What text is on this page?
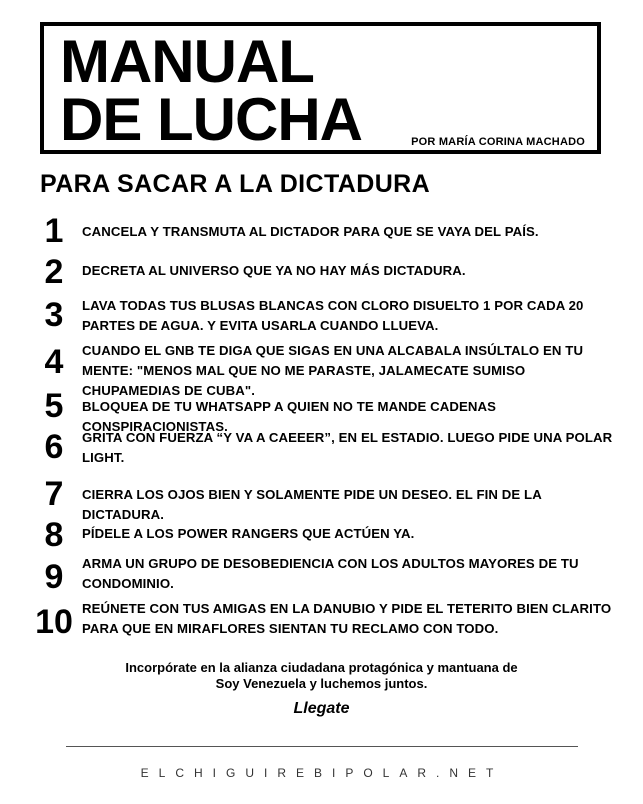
MANUAL
DE LUCHA	POR MARÍA CORINA MACHADO
PARA SACAR A LA DICTADURA
1	CANCELA Y TRANSMUTA AL DICTADOR PARA QUE SE VAYA DEL PAÍS.
2	DECRETA AL UNIVERSO QUE YA NO HAY MÁS DICTADURA.
3	LAVA TODAS TUS BLUSAS BLANCAS CON CLORO DISUELTO 1 POR CADA 20 PARTES DE AGUA. Y EVITA USARLA CUANDO LLUEVA.
4	CUANDO EL GNB TE DIGA QUE SIGAS EN UNA ALCABALA INSÚLTALO EN TU MENTE: "MENOS MAL QUE NO ME PARASTE, JALAMECATE SUMISO CHUPAMEDIAS DE CUBA".
5	BLOQUEA DE TU WHATSAPP A QUIEN NO TE MANDE CADENAS CONSPIRACIONISTAS.
6	GRITA CON FUERZA “Y VA A CAEEER”, EN EL ESTADIO. LUEGO PIDE UNA POLAR LIGHT.
7	CIERRA LOS OJOS BIEN Y SOLAMENTE PIDE UN DESEO. EL FIN DE LA DICTADURA.
8	PÍDELE A LOS POWER RANGERS QUE ACTÚEN YA.
9	ARMA UN GRUPO DE DESOBEDIENCIA CON LOS ADULTOS MAYORES DE TU CONDOMINIO.
10 REÚNETE CON TUS AMIGAS EN LA DANUBIO Y PIDE EL TETERITO BIEN CLARITO PARA QUE EN MIRAFLORES SIENTAN TU RECLAMO CON TODO.
Incorpórate en la alianza ciudadana protagónica y mantuana de
Soy Venezuela y luchemos juntos.
Llegate
ELCHIGUIREBIPOLAR.NET
